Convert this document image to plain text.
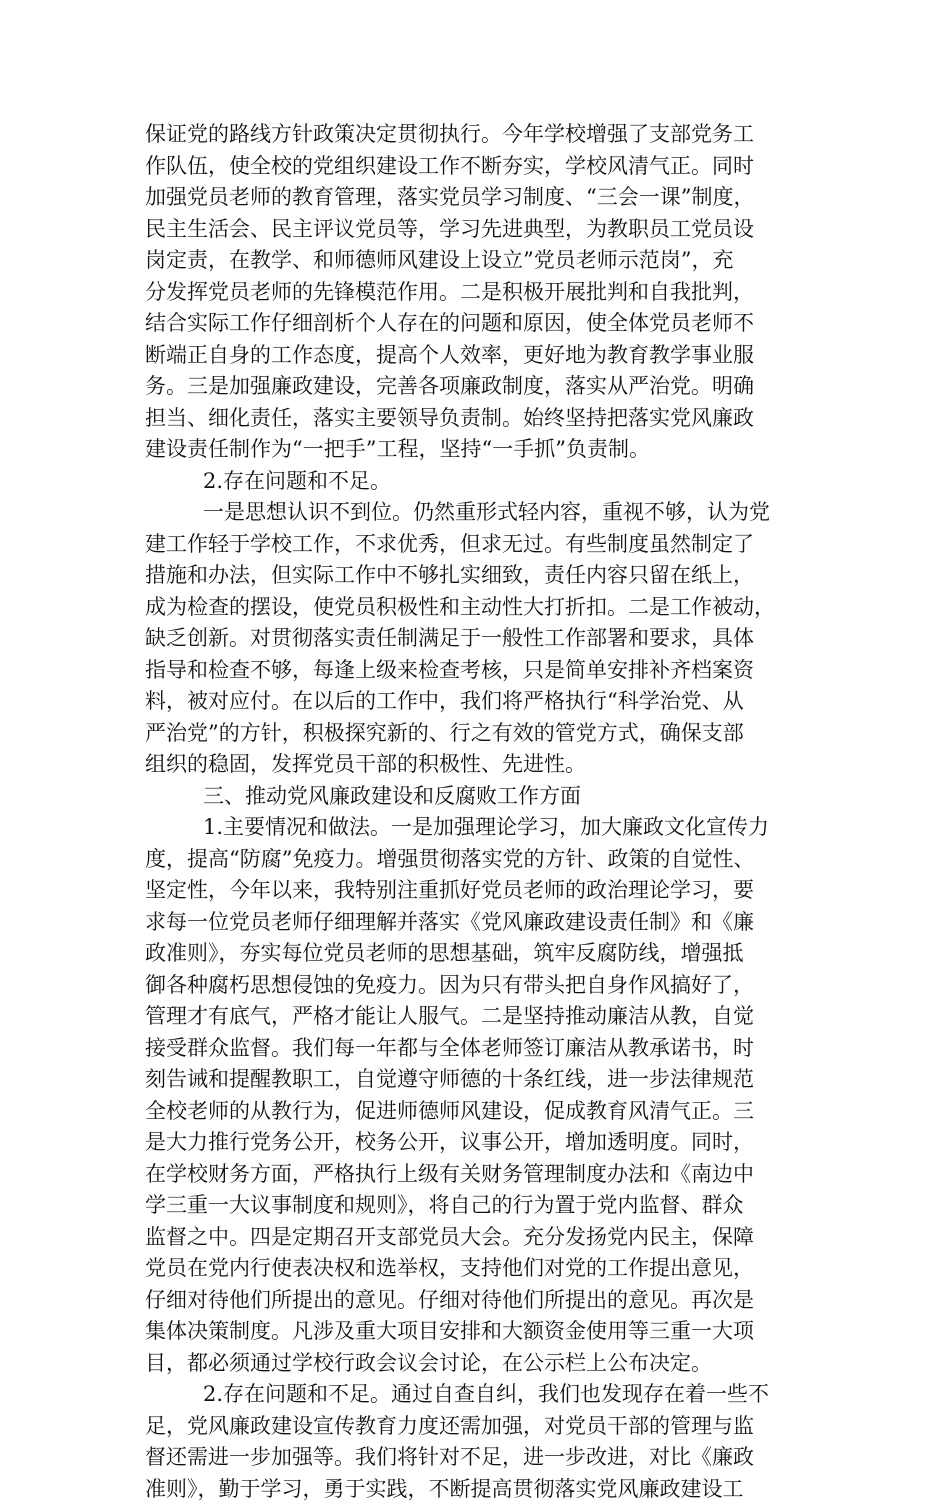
保证党的路线方针政策决定贯彻执行。今年学校增强了支部党务工
作队伍，使全校的党组织建设工作不断夯实，学校风清气正。同时
加强党员老师的教育管理，落实党员学习制度、“三会一课”制度，
民主生活会、民主评议党员等，学习先进典型，为教职员工党员设
岗定责，在教学、和师德师风建设上设立”党员老师示范岗”，充
分发挥党员老师的先锋模范作用。二是积极开展批判和自我批判，
结合实际工作仔细剖析个人存在的问题和原因，使全体党员老师不
断端正自身的工作态度，提高个人效率，更好地为教育教学事业服
务。三是加强廉政建设，完善各项廉政制度，落实从严治党。明确
担当、细化责任，落实主要领导负责制。始终坚持把落实党风廉政
建设责任制作为“一把手”工程，坚持“一手抓”负责制。
2.存在问题和不足。
一是思想认识不到位。仍然重形式轻内容，重视不够，认为党
建工作轻于学校工作，不求优秀，但求无过。有些制度虽然制定了
措施和办法，但实际工作中不够扎实细致，责任内容只留在纸上，
成为检查的摆设，使党员积极性和主动性大打折扣。二是工作被动，
缺乏创新。对贯彻落实责任制满足于一般性工作部署和要求，具体
指导和检查不够，每逢上级来检查考核，只是简单安排补齐档案资
料，被对应付。在以后的工作中，我们将严格执行“科学治党、从
严治党”的方针，积极探究新的、行之有效的管党方式，确保支部
组织的稳固，发挥党员干部的积极性、先进性。
三、推动党风廉政建设和反腐败工作方面
1.主要情况和做法。一是加强理论学习，加大廉政文化宣传力
度，提高“防腐”免疫力。增强贯彻落实党的方针、政策的自觉性、
坚定性，今年以来，我特别注重抓好党员老师的政治理论学习，要
求每一位党员老师仔细理解并落实《党风廉政建设责任制》和《廉
政准则》，夯实每位党员老师的思想基础，筑牢反腐防线，增强抵
御各种腐朽思想侵蚀的免疫力。因为只有带头把自身作风搞好了，
管理才有底气，严格才能让人服气。二是坚持推动廉洁从教，自觉
接受群众监督。我们每一年都与全体老师签订廉洁从教承诺书，时
刻告诫和提醒教职工，自觉遵守师德的十条红线，进一步法律规范
全校老师的从教行为，促进师德师风建设，促成教育风清气正。三
是大力推行党务公开，校务公开，议事公开，增加透明度。同时，
在学校财务方面，严格执行上级有关财务管理制度办法和《南边中
学三重一大议事制度和规则》，将自己的行为置于党内监督、群众
监督之中。四是定期召开支部党员大会。充分发扬党内民主，保障
党员在党内行使表决权和选举权，支持他们对党的工作提出意见，
仔细对待他们所提出的意见。仔细对待他们所提出的意见。再次是
集体决策制度。凡涉及重大项目安排和大额资金使用等三重一大项
目，都必须通过学校行政会议会讨论，在公示栏上公布决定。
2.存在问题和不足。通过自查自纠，我们也发现存在着一些不
足，党风廉政建设宣传教育力度还需加强，对党员干部的管理与监
督还需进一步加强等。我们将针对不足，进一步改进，对比《廉政
准则》，勤于学习，勇于实践，不断提高贯彻落实党风廉政建设工
